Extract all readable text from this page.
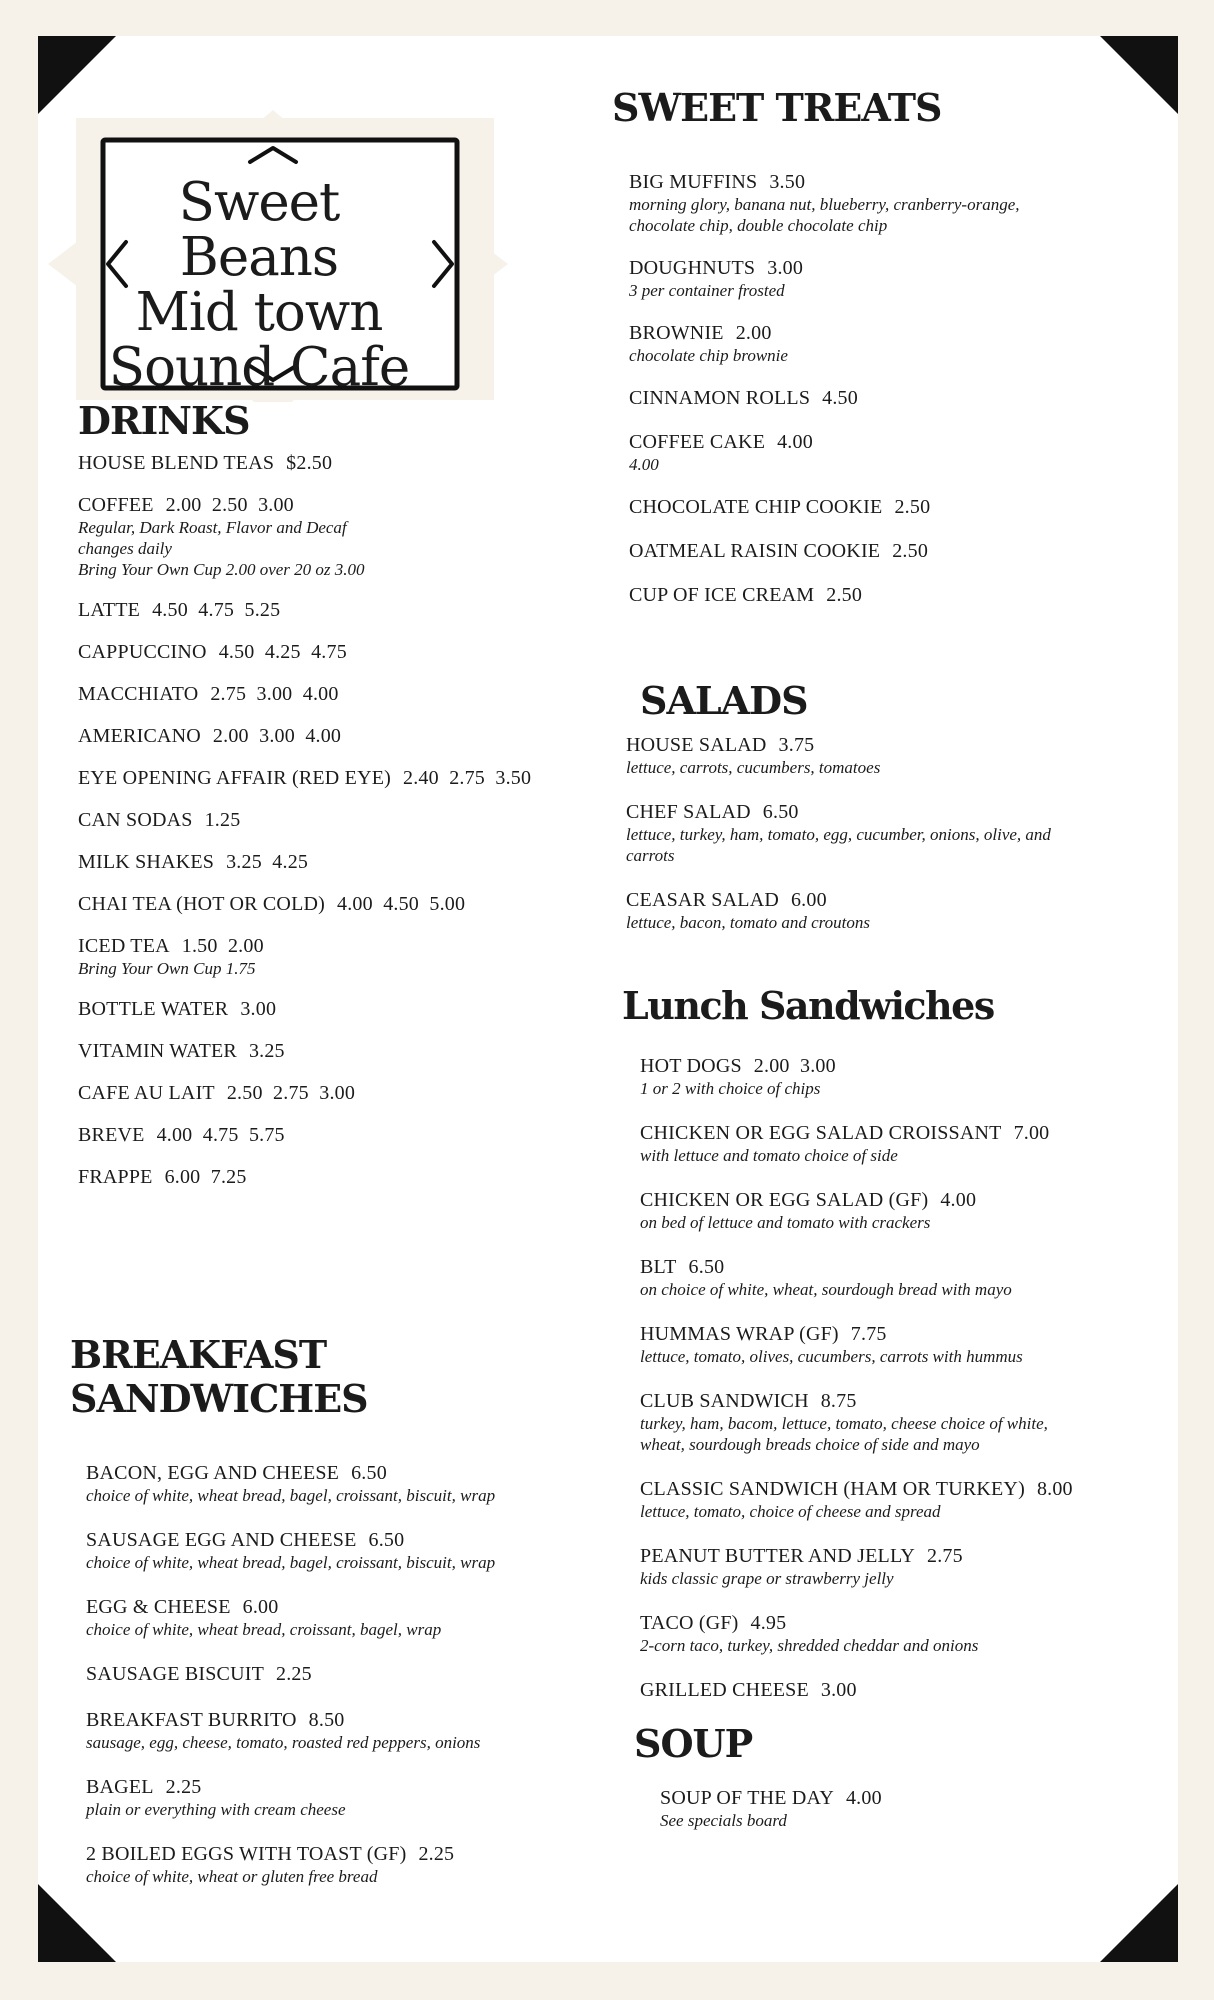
Sweet Beans
Mid town
Sound Cafe
DRINKS
HOUSE BLEND TEAS $2.50
COFFEE 2.00  2.50  3.00
Regular, Dark Roast, Flavor and Decaf
changes daily
Bring Your Own Cup 2.00 over 20 oz 3.00
LATTE 4.50  4.75  5.25
CAPPUCCINO 4.50  4.25  4.75
MACCHIATO 2.75  3.00  4.00
AMERICANO 2.00  3.00  4.00
EYE OPENING AFFAIR (RED EYE) 2.40  2.75  3.50
CAN SODAS 1.25
MILK SHAKES 3.25  4.25
CHAI TEA (HOT OR COLD) 4.00  4.50  5.00
ICED TEA 1.50  2.00
Bring Your Own Cup 1.75
BOTTLE WATER 3.00
VITAMIN WATER 3.25
CAFE AU LAIT 2.50  2.75  3.00
BREVE 4.00  4.75  5.75
FRAPPE 6.00  7.25
BREAKFAST SANDWICHES
BACON, EGG AND CHEESE 6.50
choice of white, wheat bread, bagel, croissant, biscuit, wrap
SAUSAGE EGG AND CHEESE 6.50
choice of white, wheat bread, bagel, croissant, biscuit, wrap
EGG & CHEESE 6.00
choice of white, wheat bread, croissant, bagel, wrap
SAUSAGE BISCUIT 2.25
BREAKFAST BURRITO 8.50
sausage, egg, cheese, tomato, roasted red peppers, onions
BAGEL 2.25
plain or everything with cream cheese
2 BOILED EGGS WITH TOAST (GF) 2.25
choice of white, wheat or gluten free bread
SWEET TREATS
BIG MUFFINS 3.50
morning glory, banana nut, blueberry, cranberry-orange,
chocolate chip, double chocolate chip
DOUGHNUTS 3.00
3 per container frosted
BROWNIE 2.00
chocolate chip brownie
CINNAMON ROLLS 4.50
COFFEE CAKE 4.00
4.00
CHOCOLATE CHIP COOKIE 2.50
OATMEAL RAISIN COOKIE 2.50
CUP OF ICE CREAM 2.50
SALADS
HOUSE SALAD 3.75
lettuce, carrots, cucumbers, tomatoes
CHEF SALAD 6.50
lettuce, turkey, ham, tomato, egg, cucumber, onions, olive, and
carrots
CEASAR SALAD 6.00
lettuce, bacon, tomato and croutons
Lunch Sandwiches
HOT DOGS 2.00  3.00
1 or 2 with choice of chips
CHICKEN OR EGG SALAD CROISSANT 7.00
with lettuce and tomato choice of side
CHICKEN OR EGG SALAD (GF) 4.00
on bed of lettuce and tomato with crackers
BLT 6.50
on choice of white, wheat, sourdough bread with mayo
HUMMAS WRAP (GF) 7.75
lettuce, tomato, olives, cucumbers, carrots with hummus
CLUB SANDWICH 8.75
turkey, ham, bacom, lettuce, tomato, cheese choice of white,
wheat, sourdough breads choice of side and mayo
CLASSIC SANDWICH (HAM OR TURKEY) 8.00
lettuce, tomato, choice of cheese and spread
PEANUT BUTTER AND JELLY 2.75
kids classic grape or strawberry jelly
TACO (GF) 4.95
2-corn taco, turkey, shredded cheddar and onions
GRILLED CHEESE 3.00
SOUP
SOUP OF THE DAY 4.00
See specials board
